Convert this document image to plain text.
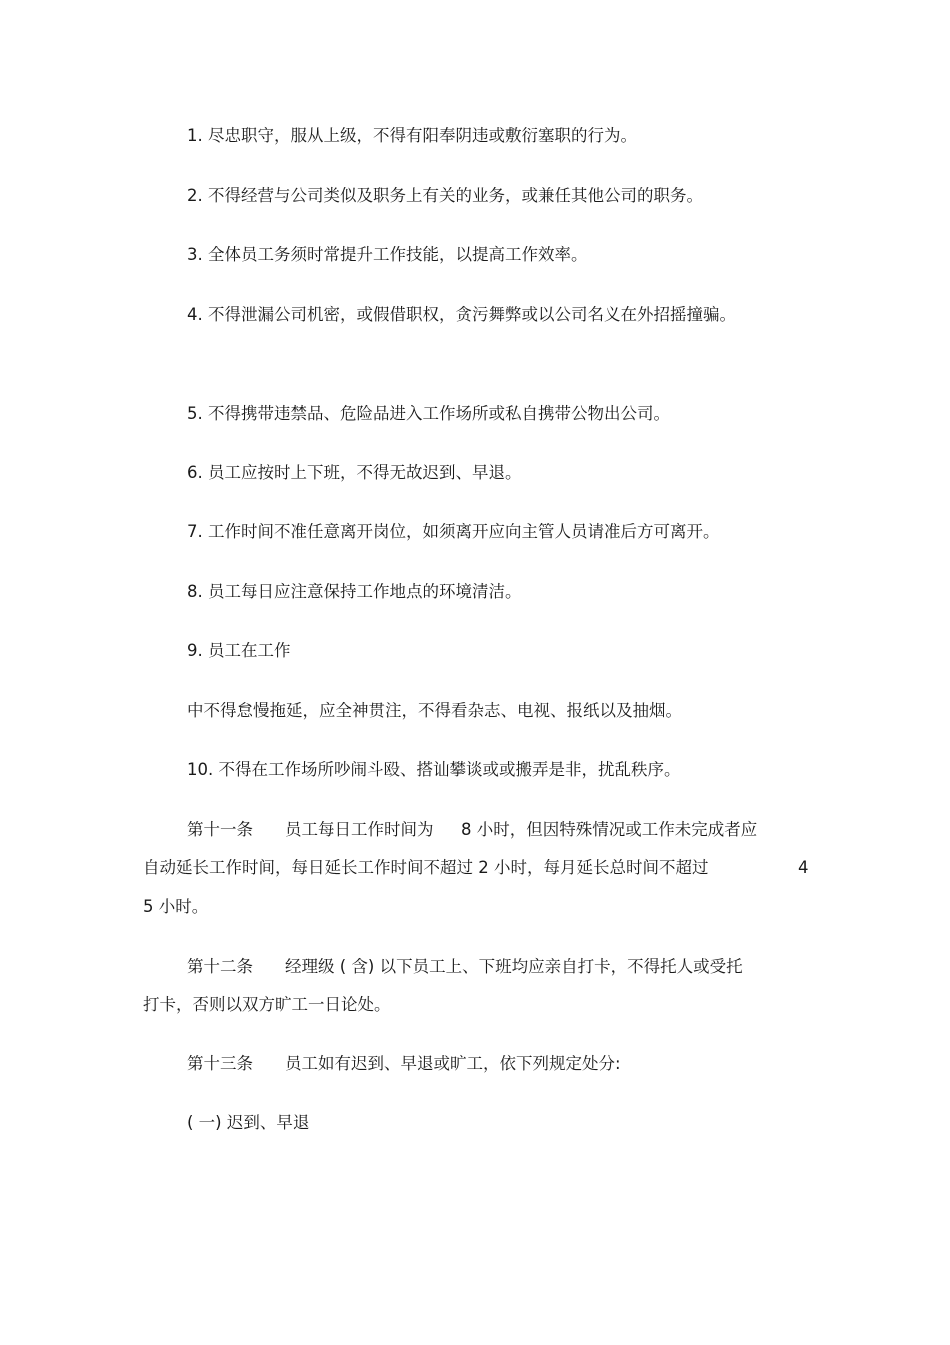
1. 尽忠职守，服从上级，不得有阳奉阴违或敷衍塞职的行为。
2. 不得经营与公司类似及职务上有关的业务，或兼任其他公司的职务。
3. 全体员工务须时常提升工作技能，以提高工作效率。
4. 不得泄漏公司机密，或假借职权，贪污舞弊或以公司名义在外招摇撞骗。
5. 不得携带违禁品、危险品进入工作场所或私自携带公物出公司。
6. 员工应按时上下班，不得无故迟到、早退。
7. 工作时间不准任意离开岗位，如须离开应向主管人员请准后方可离开。
8. 员工每日应注意保持工作地点的环境清洁。
9. 员工在工作
中不得怠慢拖延，应全神贯注，不得看杂志、电视、报纸以及抽烟。
10. 不得在工作场所吵闹斗殴、搭讪攀谈或或搬弄是非，扰乱秩序。
第十一条 员工每日工作时间为 8 小时，但因特殊情况或工作未完成者应
自动延长工作时间，每日延长工作时间不超过 2 小时，每月延长总时间不超过	4
5 小时。
第十二条 经理级 ( 含) 以下员工上、下班均应亲自打卡，不得托人或受托
打卡，否则以双方旷工一日论处。
第十三条 员工如有迟到、早退或旷工，依下列规定处分:
( 一) 迟到、早退
